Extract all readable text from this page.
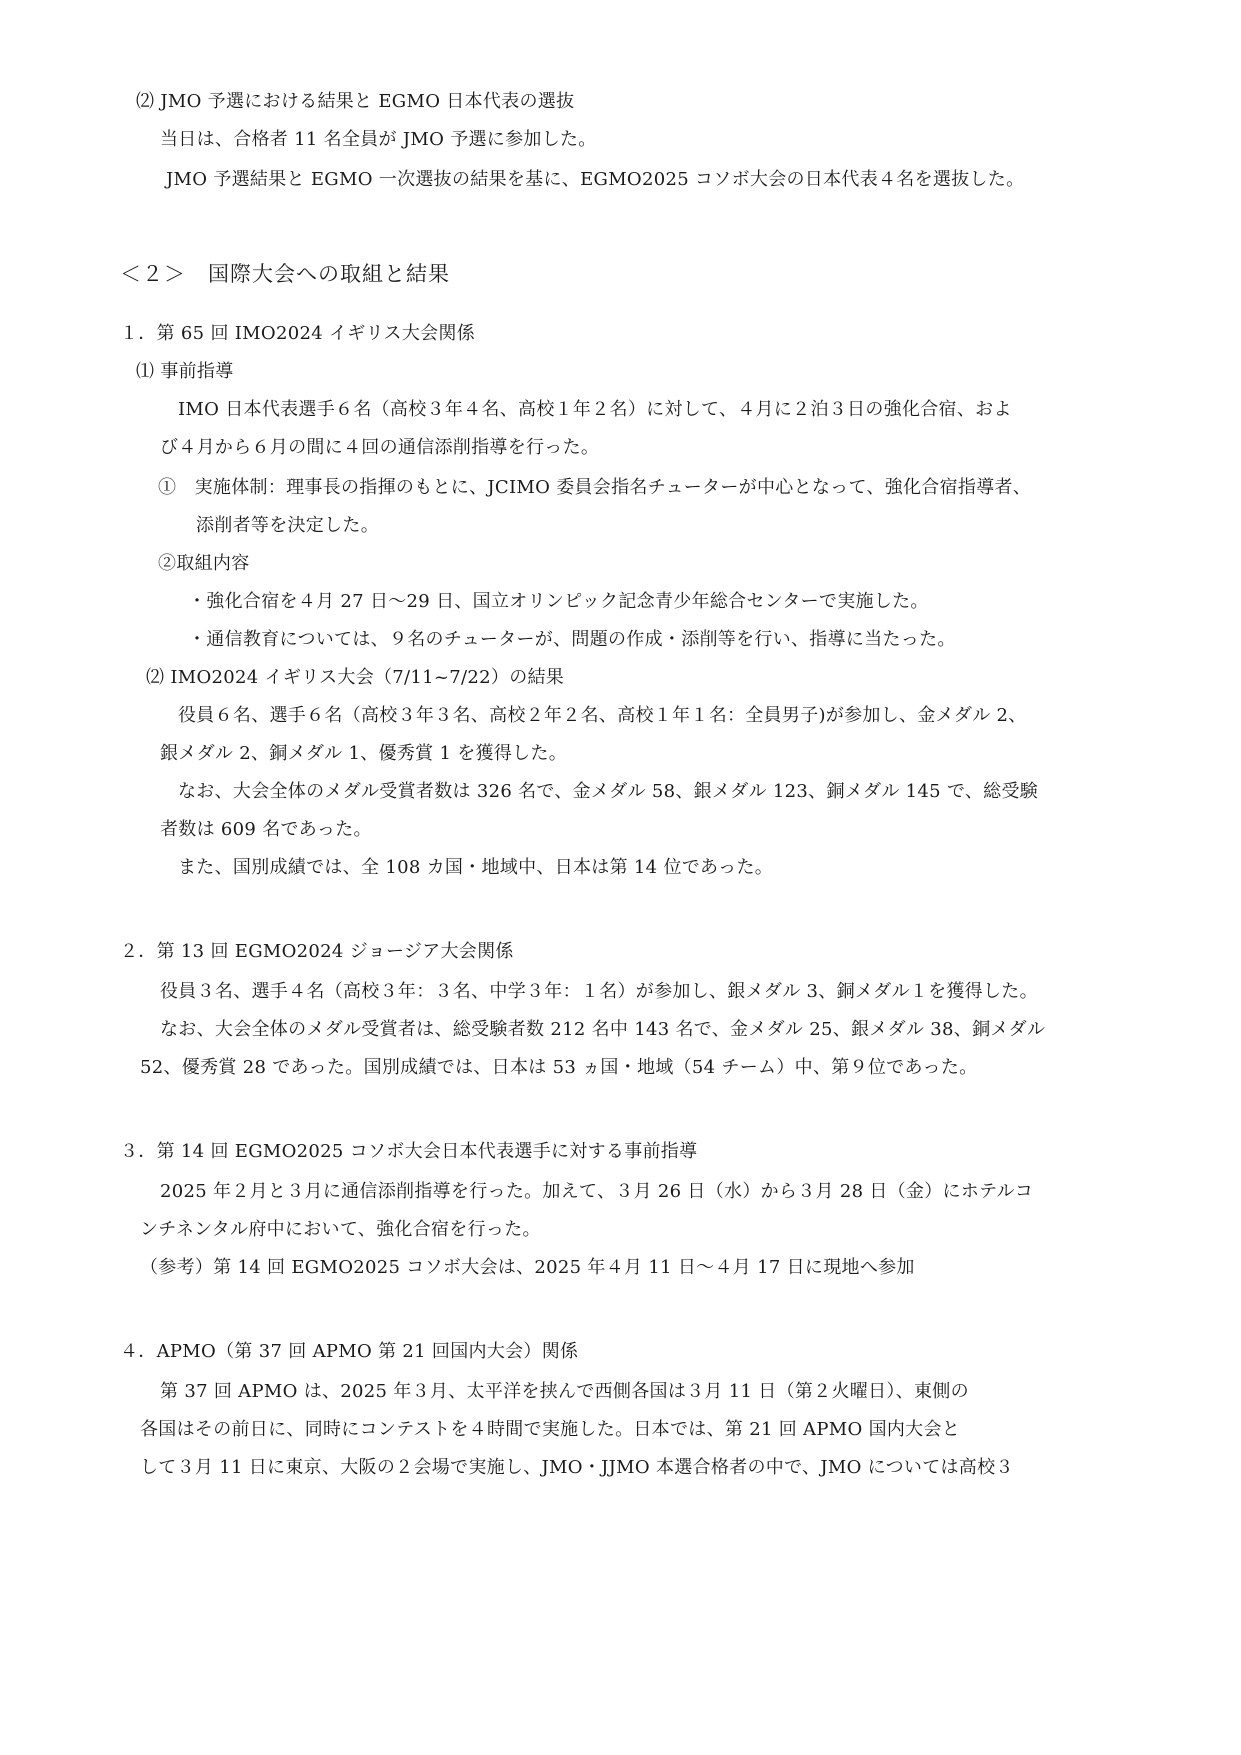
⑵ JMO 予選における結果と EGMO 日本代表の選抜
当日は、合格者 11 名全員が JMO 予選に参加した。
JMO 予選結果と EGMO 一次選抜の結果を基に、EGMO2025 コソボ大会の日本代表４名を選抜した。
＜２＞　国際大会への取組と結果
１．第 65 回 IMO2024 イギリス大会関係
⑴ 事前指導
IMO 日本代表選手６名（高校３年４名、高校１年２名）に対して、４月に２泊３日の強化合宿、およ
び４月から６月の間に４回の通信添削指導を行った。
①　実施体制：理事長の指揮のもとに、JCIMO 委員会指名チューターが中心となって、強化合宿指導者、
添削者等を決定した。
②取組内容
・強化合宿を４月 27 日～29 日、国立オリンピック記念青少年総合センターで実施した。
・通信教育については、９名のチューターが、問題の作成・添削等を行い、指導に当たった。
⑵ IMO2024 イギリス大会（7/11~7/22）の結果
役員６名、選手６名（高校３年３名、高校２年２名、高校１年１名：全員男子)が参加し、金メダル 2、
銀メダル 2、銅メダル 1、優秀賞 1 を獲得した。
なお、大会全体のメダル受賞者数は 326 名で、金メダル 58、銀メダル 123、銅メダル 145 で、総受験
者数は 609 名であった。
また、国別成績では、全 108 カ国・地域中、日本は第 14 位であった。
２．第 13 回 EGMO2024 ジョージア大会関係
役員３名、選手４名（高校３年：３名、中学３年：１名）が参加し、銀メダル 3、銅メダル１を獲得した。
なお、大会全体のメダル受賞者は、総受験者数 212 名中 143 名で、金メダル 25、銀メダル 38、銅メダル
52、優秀賞 28 であった。国別成績では、日本は 53 ヵ国・地域（54 チーム）中、第９位であった。
３．第 14 回 EGMO2025 コソボ大会日本代表選手に対する事前指導
2025 年２月と３月に通信添削指導を行った。加えて、３月 26 日（水）から３月 28 日（金）にホテルコ
ンチネンタル府中において、強化合宿を行った。
（参考）第 14 回 EGMO2025 コソボ大会は、2025 年４月 11 日～４月 17 日に現地へ参加
４．APMO（第 37 回 APMO 第 21 回国内大会）関係
第 37 回 APMO は、2025 年３月、太平洋を挟んで西側各国は３月 11 日（第２火曜日）、東側の
各国はその前日に、同時にコンテストを４時間で実施した。日本では、第 21 回 APMO 国内大会と
して３月 11 日に東京、大阪の２会場で実施し、JMO・JJMO 本選合格者の中で、JMO については高校３
